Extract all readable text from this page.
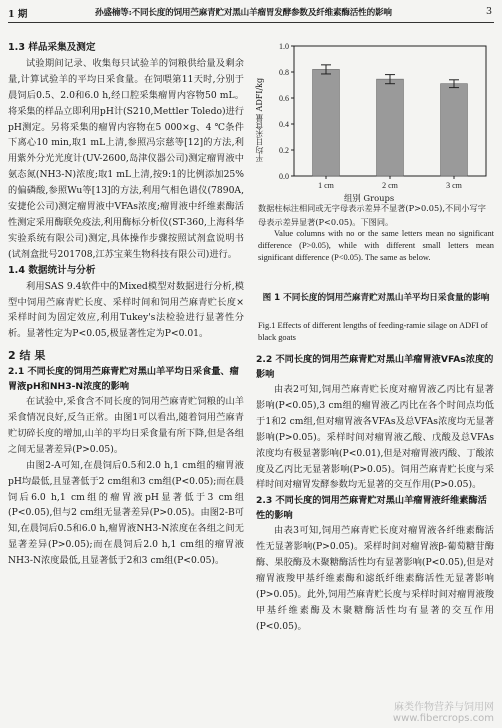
1 期	孙盛楠等:不同长度的饲用苎麻青贮对黑山羊瘤胃发酵参数及纤维素酶活性的影响	3
1.3 样品采集及测定

试验期间记录、收集每只试验羊的饲粮供给量及剩余量,计算试验羊的平均日采食量。在饲喂第11天时,分别于晨饲后0.5、2.0和6.0 h,经口腔采集瘤胃内容物50 mL。将采集的样品立即利用pH计(S210,Mettler Toledo)进行pH测定。另将采集的瘤胃内容物在5 000×g、4 ℃条件下离心10 min,取1 mL上清,参照冯宗慈等[12]的方法,利用紫外分光光度计(UV-2600,岛津仪器公司)测定瘤胃液中氨态氮(NH3-N)浓度;取1 mL上清,按9:1的比例添加25%的偏磷酸,参照Wu等[13]的方法,利用气相色谱仪(7890A,安捷伦公司)测定瘤胃液中VFAs浓度;瘤胃液中纤维素酶活性测定采用酶联免疫法,利用酶标分析仪(ST-360,上海科华实验系统有限公司)测定,具体操作步骤按照试剂盒说明书(试剂盒批号201708,江苏宝莱生物科技有限公司)进行。

1.4 数据统计与分析

利用SAS 9.4软件中的Mixed模型对数据进行分析,模型中饲用苎麻青贮长度、采样时间和饲用苎麻青贮长度×采样时间为固定效应,利用Tukey's法检验进行显著性分析。显著性定为P<0.05,极显著性定为P<0.01。

2 结 果
2.1 不同长度的饲用苎麻青贮对黑山羊平均日采食量、瘤胃液pH和NH3-N浓度的影响

在试验中,采食含不同长度的饲用苎麻青贮饲粮的山羊采食情况良好,反刍正常。由图1可以看出,随着饲用苎麻青贮切碎长度的增加,山羊的平均日采食量有所下降,但是各组之间无显著差异(P>0.05)。

由图2-A可知,在晨饲后0.5和2.0 h,1 cm组的瘤胃液pH均最低,且显著低于2 cm组和3 cm组(P<0.05);而在晨饲后6.0 h,1 cm组的瘤胃液pH显著低于3 cm组(P<0.05),但与2 cm组无显著差异(P>0.05)。由图2-B可知,在晨饲后0.5和6.0 h,瘤胃液NH3-N浓度在各组之间无显著差异(P>0.05);而在晨饲后2.0 h,1 cm组的瘤胃液NH3-N浓度最低,且显著低于2和3 cm组(P<0.05)。

0.0
0.2
0.4
0.6
0.8
1.0
1 cm	2 cm	3 cm
平均日采食量 ADFI/kg
组别 Groups
数据柱标注相同或无字母表示差异不显著(P>0.05),不同小写字母表示差异显著(P<0.05)。下图同。
Value columns with no or the same letters mean no significant difference (P>0.05), while with different small letters mean significant difference (P<0.05). The same as below.
图 1 不同长度的饲用苎麻青贮对黑山羊平均日采食量的影响
Fig.1 Effects of different lengths of feeding-ramie silage on ADFI of black goats
2.2 不同长度的饲用苎麻青贮对黑山羊瘤胃液VFAs浓度的影响

由表2可知,饲用苎麻青贮长度对瘤胃液乙丙比有显著影响(P<0.05),3 cm组的瘤胃液乙丙比在各个时间点均低于1和2 cm组,但对瘤胃液各VFAs及总VFAs浓度均无显著影响(P>0.05)。采样时间对瘤胃液乙酸、戊酸及总VFAs浓度均有极显著影响(P<0.01),但是对瘤胃液丙酸、丁酸浓度及乙丙比无显著影响(P>0.05)。饲用苎麻青贮长度与采样时间对瘤胃发酵参数均无显著的交互作用(P>0.05)。

2.3 不同长度的饲用苎麻青贮对黑山羊瘤胃液纤维素酶活性的影响

由表3可知,饲用苎麻青贮长度对瘤胃液各纤维素酶活性无显著影响(P>0.05)。采样时间对瘤胃液β-葡萄糖苷酶酶、果胶酶及木聚糖酶活性均有显著影响(P<0.05),但是对瘤胃液羧甲基纤维素酶和滤纸纤维素酶活性无显著影响(P>0.05)。此外,饲用苎麻青贮长度与采样时间对瘤胃液羧甲基纤维素酶及木聚糖酶活性均有显著的交互作用(P<0.05)。

麻类作物营养与饲用网
www.fibercrops.com
